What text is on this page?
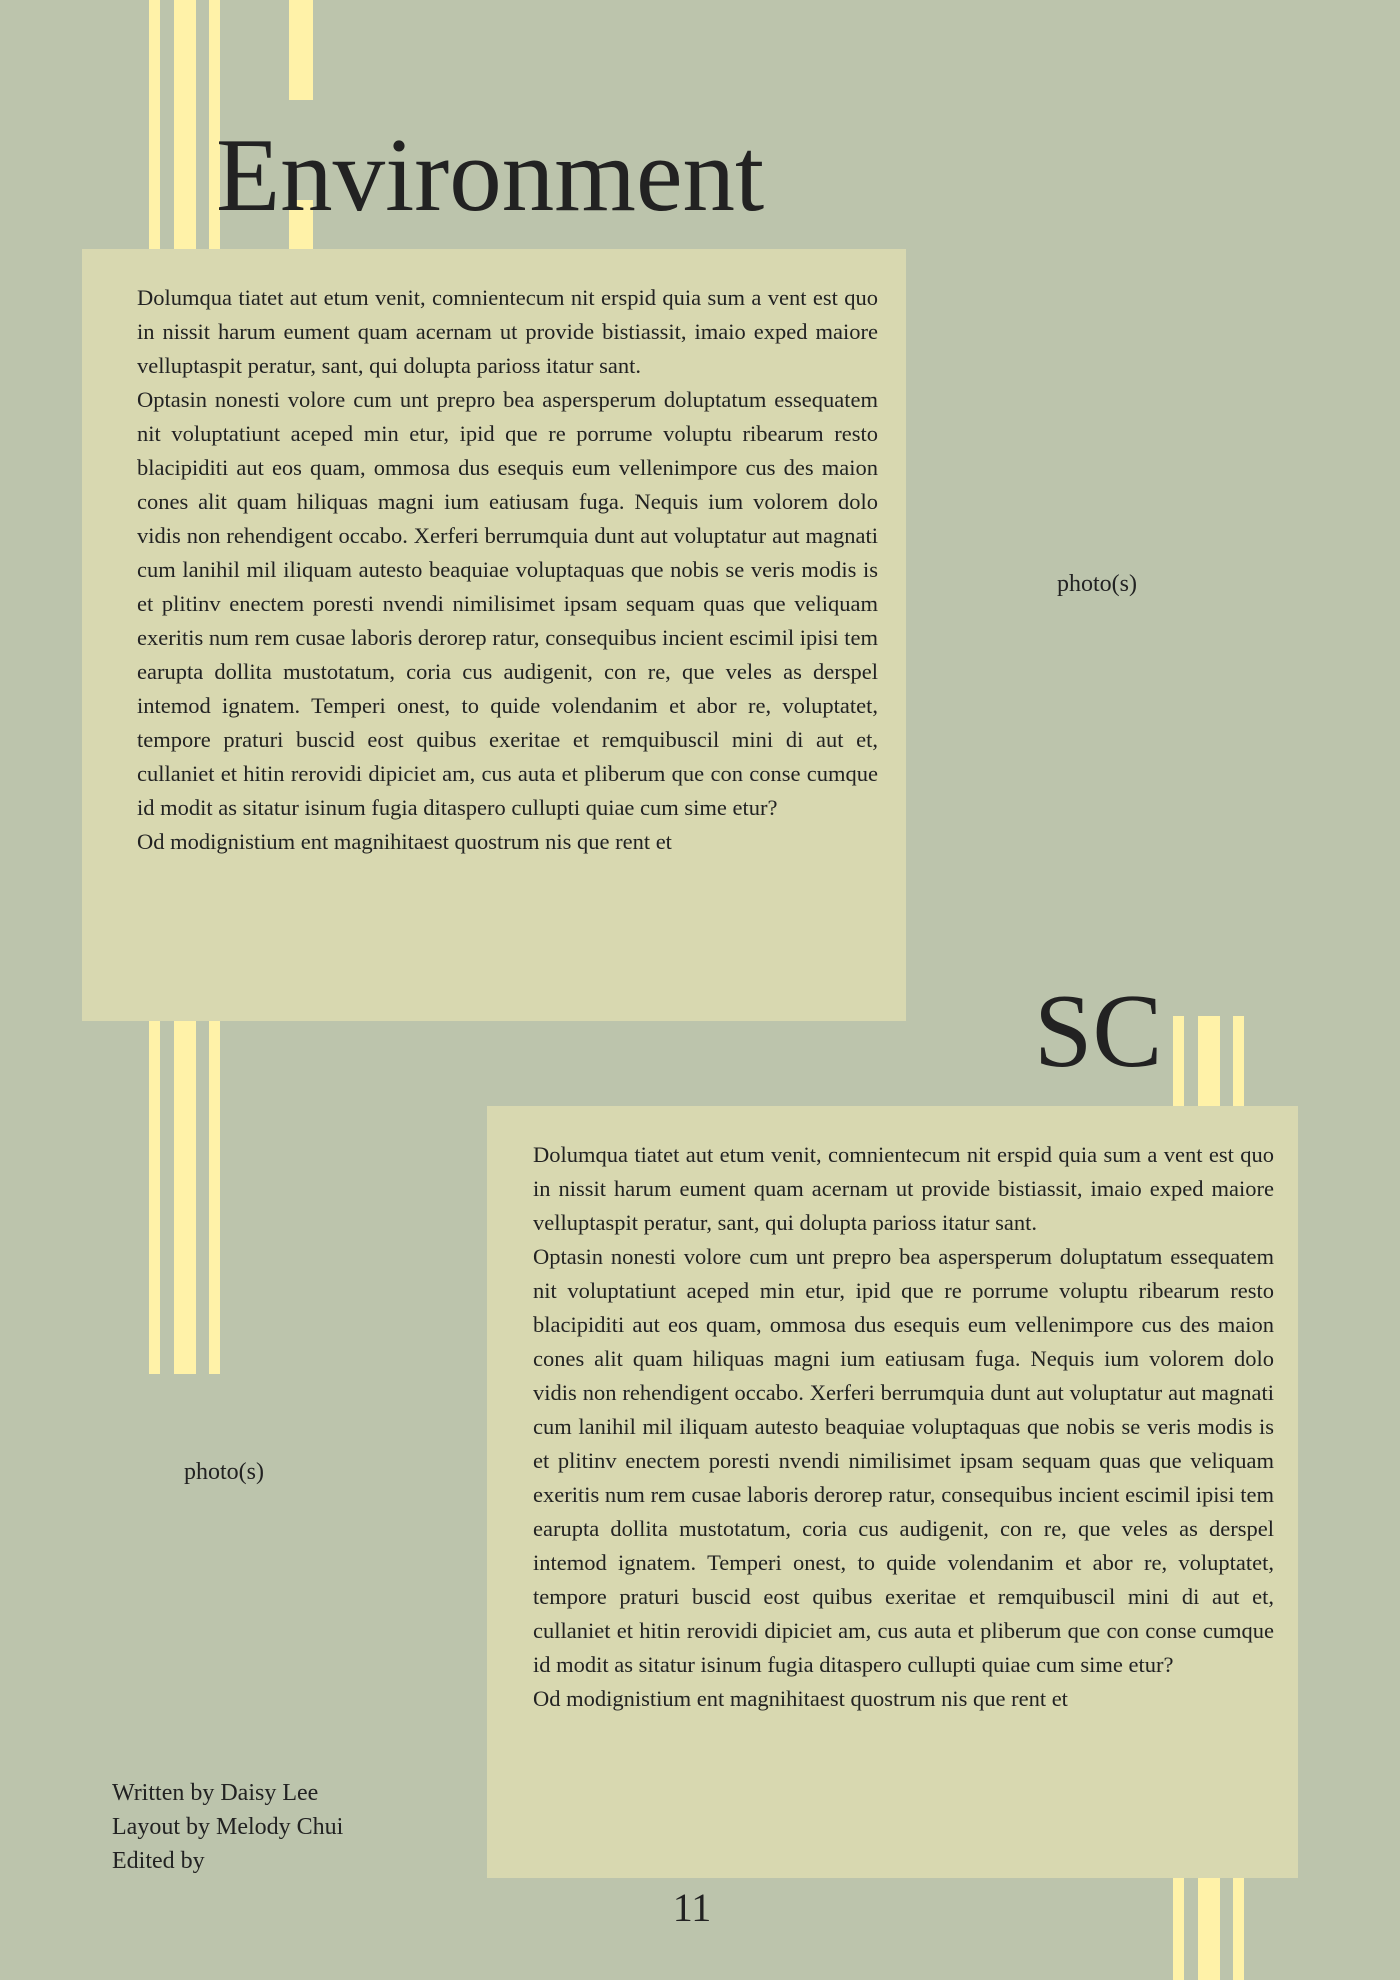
Environment

Dolumqua tiatet aut etum venit, comnientecum nit erspid quia sum a vent est quo in nissit harum eument quam acernam ut provide bistiassit, imaio exped maiore velluptaspit peratur, sant, qui dolupta parioss itatur sant.

Optasin nonesti volore cum unt prepro bea aspersperum doluptatum essequatem nit voluptatiunt aceped min etur, ipid que re porrume voluptu ribearum resto blacipiditi aut eos quam, ommosa dus esequis eum vellenimpore cus des maion cones alit quam hiliquas magni ium eatiusam fuga. Nequis ium volorem dolo vidis non rehendigent occabo. Xerferi berrumquia dunt aut voluptatur aut magnati cum lanihil mil iliquam autesto beaquiae voluptaquas que nobis se veris modis is et plitinv enectem poresti nvendi nimilisimet ipsam sequam quas que veliquam exeritis num rem cusae laboris derorep ratur, consequibus incient escimil ipisi tem earupta dollita mustotatum, coria cus audigenit, con re, que veles as derspel intemod ignatem. Temperi onest, to quide volendanim et abor re, voluptatet, tempore praturi buscid eost quibus exeritae et remquibuscil mini di aut et, cullaniet et hitin rerovidi dipiciet am, cus auta et pliberum que con conse cumque id modit as sitatur isinum fugia ditaspero cullupti quiae cum sime etur?

Od modignistium ent magnihitaest quostrum nis que rent et

photo(s)
SC

Dolumqua tiatet aut etum venit, comnientecum nit erspid quia sum a vent est quo in nissit harum eument quam acernam ut provide bistiassit, imaio exped maiore velluptaspit peratur, sant, qui dolupta parioss itatur sant.

Optasin nonesti volore cum unt prepro bea aspersperum doluptatum essequatem nit voluptatiunt aceped min etur, ipid que re porrume voluptu ribearum resto blacipiditi aut eos quam, ommosa dus esequis eum vellenimpore cus des maion cones alit quam hiliquas magni ium eatiusam fuga. Nequis ium volorem dolo vidis non rehendigent occabo. Xerferi berrumquia dunt aut voluptatur aut magnati cum lanihil mil iliquam autesto beaquiae voluptaquas que nobis se veris modis is et plitinv enectem poresti nvendi nimilisimet ipsam sequam quas que veliquam exeritis num rem cusae laboris derorep ratur, consequibus incient escimil ipisi tem earupta dollita mustotatum, coria cus audigenit, con re, que veles as derspel intemod ignatem. Temperi onest, to quide volendanim et abor re, voluptatet, tempore praturi buscid eost quibus exeritae et remquibuscil mini di aut et, cullaniet et hitin rerovidi dipiciet am, cus auta et pliberum que con conse cumque id modit as sitatur isinum fugia ditaspero cullupti quiae cum sime etur?

Od modignistium ent magnihitaest quostrum nis que rent et

photo(s)
Written by Daisy Lee
Layout by Melody Chui
Edited by
11
